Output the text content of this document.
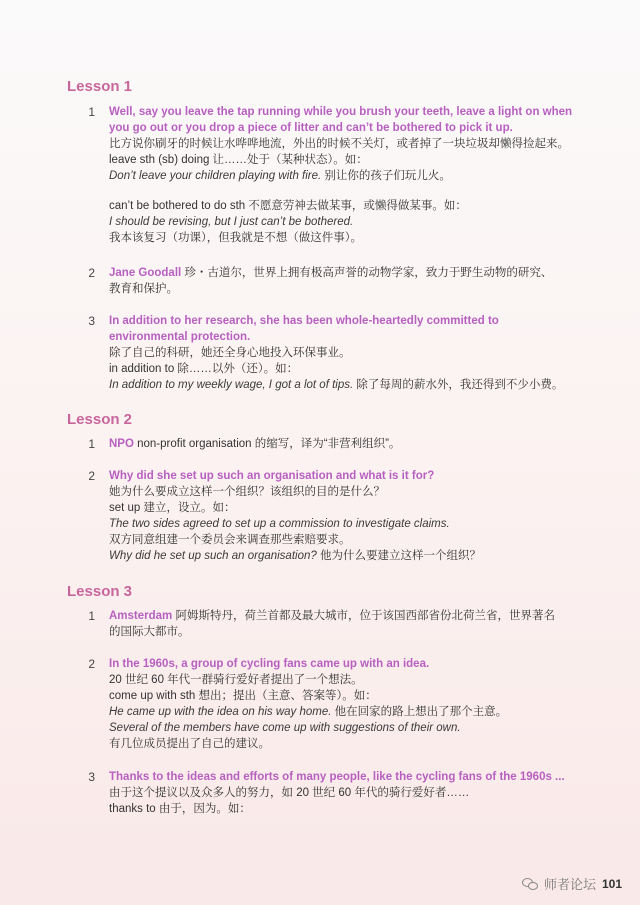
Lesson 1
1 Well, say you leave the tap running while you brush your teeth, leave a light on when
you go out or you drop a piece of litter and can’t be bothered to pick it up.
比方说你刷牙的时候让水哗哗地流，外出的时候不关灯，或者掉了一块垃圾却懒得捡起来。
leave sth (sb) doing 让……处于（某种状态）。如：
Don’t leave your children playing with fire. 别让你的孩子们玩儿火。
can’t be bothered to do sth 不愿意劳神去做某事，或懒得做某事。如：
I should be revising, but I just can’t be bothered.
我本该复习（功课），但我就是不想（做这件事）。
2 Jane Goodall 珍・古道尔，世界上拥有极高声誉的动物学家，致力于野生动物的研究、
教育和保护。
3 In addition to her research, she has been whole-heartedly committed to
environmental protection.
除了自己的科研，她还全身心地投入环保事业。
in addition to 除……以外（还）。如：
In addition to my weekly wage, I got a lot of tips. 除了每周的薪水外，我还得到不少小费。
Lesson 2
1 NPO non-profit organisation 的缩写，译为“非营利组织”。
2 Why did she set up such an organisation and what is it for?
她为什么要成立这样一个组织？该组织的目的是什么？
set up 建立，设立。如：
The two sides agreed to set up a commission to investigate claims.
双方同意组建一个委员会来调查那些索赔要求。
Why did he set up such an organisation? 他为什么要建立这样一个组织？
Lesson 3
1 Amsterdam 阿姆斯特丹，荷兰首都及最大城市，位于该国西部省份北荷兰省，世界著名
的国际大都市。
2 In the 1960s, a group of cycling fans came up with an idea.
20 世纪 60 年代一群骑行爱好者提出了一个想法。
come up with sth 想出；提出（主意、答案等）。如：
He came up with the idea on his way home. 他在回家的路上想出了那个主意。
Several of the members have come up with suggestions of their own.
有几位成员提出了自己的建议。
3 Thanks to the ideas and efforts of many people, like the cycling fans of the 1960s ...
由于这个提议以及众多人的努力，如 20 世纪 60 年代的骑行爱好者……
thanks to 由于，因为。如：
师者论坛 101
